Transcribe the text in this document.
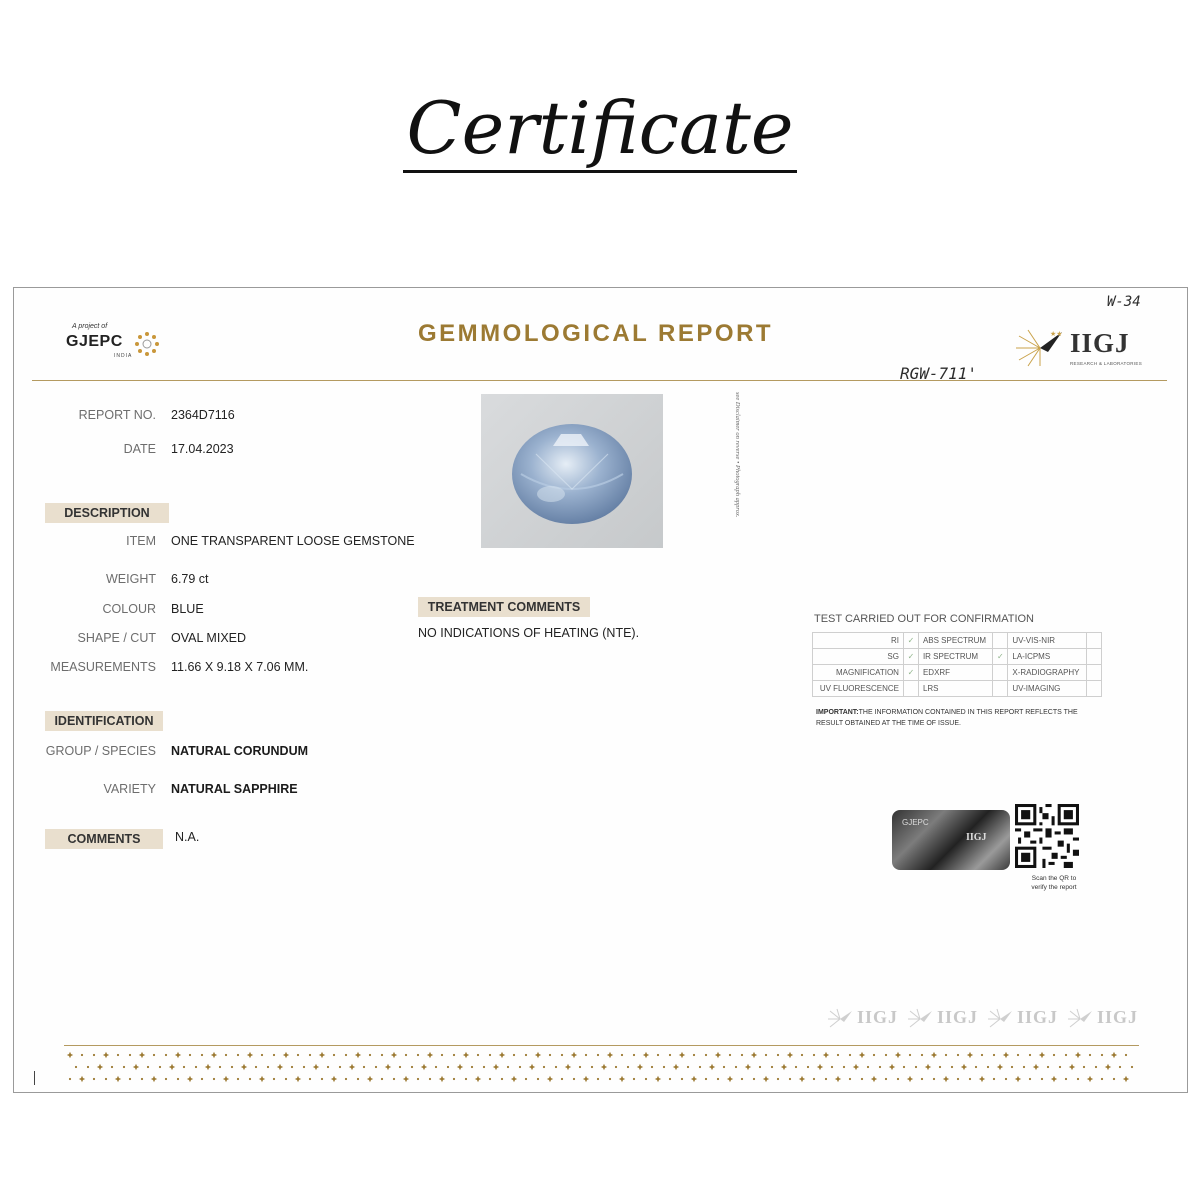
Certificate
A project of
GJEPC
INDIA
GEMMOLOGICAL REPORT	★★ IIGJ
RESEARCH & LABORATORIES
W-34
RGW-711'
REPORT NO. 2364D7116
DATE 17.04.2023
DESCRIPTION
ITEM ONE TRANSPARENT LOOSE GEMSTONE
WEIGHT 6.79 ct
COLOUR BLUE
SHAPE / CUT OVAL MIXED
MEASUREMENTS 11.66 X 9.18 X 7.06 MM.
IDENTIFICATION
GROUP / SPECIES NATURAL CORUNDUM
VARIETY NATURAL SAPPHIRE
COMMENTS	N.A.
see Disclaimer on reverse • Photograph approx.
TREATMENT COMMENTS
NO INDICATIONS OF HEATING (NTE).
TEST CARRIED OUT FOR CONFIRMATION
RI	✓	ABS SPECTRUM		UV-VIS-NIR	
SG	✓	IR SPECTRUM	✓	LA-ICPMS	
MAGNIFICATION	✓	EDXRF		X-RADIOGRAPHY	
UV FLUORESCENCE		LRS		UV-IMAGING	
IMPORTANT:THE INFORMATION CONTAINED IN THIS REPORT REFLECTS THE RESULT OBTAINED AT THE TIME OF ISSUE.
GJEPC
IIGJ
Scan the QR to
verify the report
IIGJ IIGJ IIGJ IIGJ
